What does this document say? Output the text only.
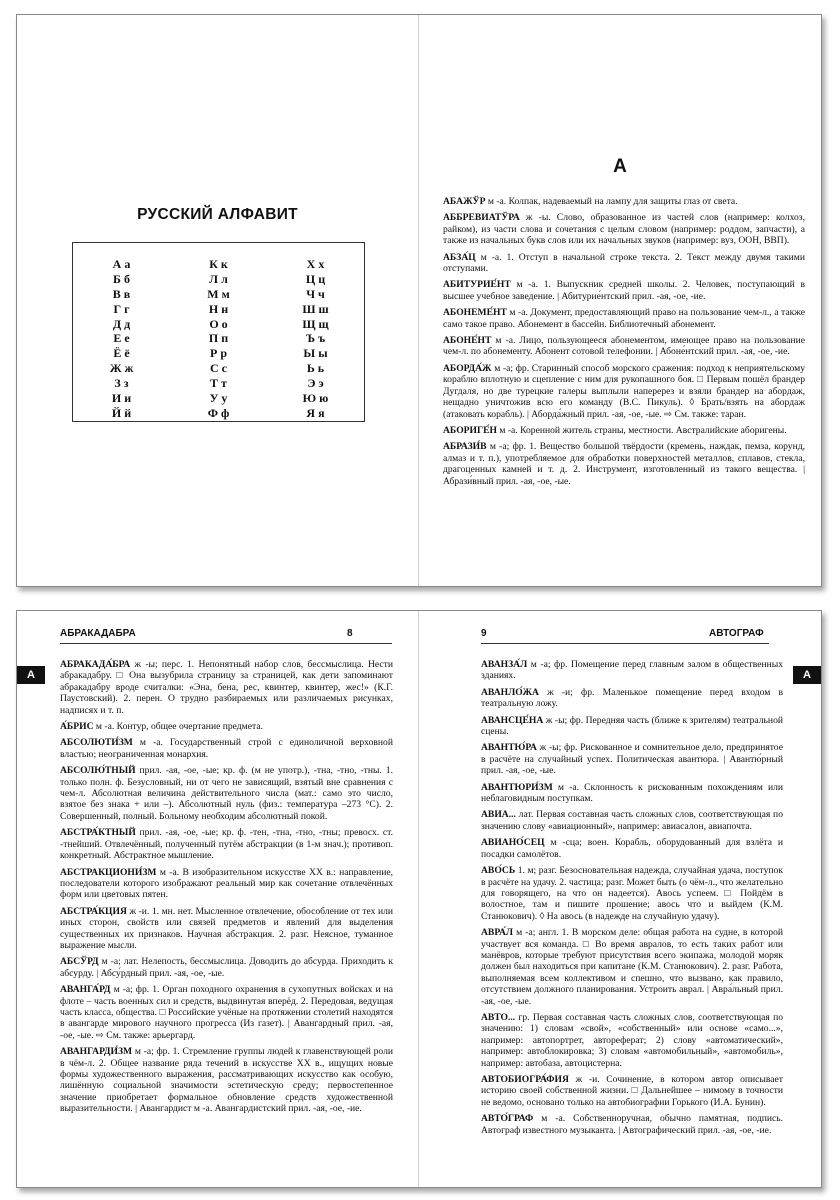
РУССКИЙ АЛФАВИТ
А а	К к	Х х
Б б	Л л	Ц ц
В в	М м	Ч ч
Г г	Н н	Ш ш
Д д	О о	Щ щ
Е е	П п	Ъ ъ
Ё ё	Р р	Ы ы
Ж ж	С с	Ь ь
З з	Т т	Э э
И и	У у	Ю ю
Й й	Ф ф	Я я
А

АБАЖЎР м -а. Колпак, надеваемый на лампу для защиты глаз от света.

АББРЕВИАТЎРА ж -ы. Слово, образованное из частей слов (например: колхоз, райком), из части слова и сочетания с целым словом (например: роддом, запчасти), а также из начальных букв слов или их начальных звуков (например: вуз, ООН, ВВП).

АБЗА́Ц м -а. 1. Отступ в начальной строке текста. 2. Текст между двумя такими отступами.

АБИТУРИЕ́НТ м -а. 1. Выпускник средней школы. 2. Человек, поступающий в высшее учебное заведение. | Абитурие́нтский прил. -ая, -ое, -ие.

АБОНЕМЕ́НТ м -а. Документ, предоставляющий право на пользование чем-л., а также само такое право. Абонемент в бассейн. Библиотечный абонемент.

АБОНЕ́НТ м -а. Лицо, пользующееся абонементом, имеющее право на пользование чем-л. по абонементу. Абонент сотовой телефонии. | Абоне́нтский прил. -ая, -ое, -ие.

АБОРДА́Ж м -а; фр. Старинный способ морского сражения: подход к неприятельскому кораблю вплотную и сцепление с ним для рукопашного боя. □ Первым пошёл брандер Дугдаля, но две турецкие галеры выплыли наперерез и взяли брандер на абордаж, нещадно уничтожив всю его команду (В.С. Пикуль). ◊ Брать/взять на абордаж (атаковать корабль). | Аборда́жный прил. -ая, -ое, -ые. ⇨ См. также: таран.

АБОРИГЕ́Н м -а. Коренной житель страны, местности. Австралийские аборигены.

АБРАЗИ́В м -а; фр. 1. Вещество большой твёрдости (кремень, наждак, пемза, корунд, алмаз и т. п.), употребляемое для обработки поверхностей металлов, сплавов, стекла, драгоценных камней и т. д. 2. Инструмент, изготовленный из такого вещества. | Абрази́вный прил. -ая, -ое, -ые.

АБРАКАДАБРА	8
А

АБРАКАДА́БРА ж -ы; перс. 1. Непонятный набор слов, бессмыслица. Нести абракадабру. □ Она вызубрила страницу за страницей, как дети запоминают абракадабру вроде считалки: «Эна, бена, рес, квинтер, квинтер, жес!» (К.Г. Паустовский). 2. перен. О трудно разбираемых или различаемых рисунках, надписях и т. п.

А́БРИС м -а. Контур, общее очертание предмета.

АБСОЛЮТИ́ЗМ м -а. Государственный строй с единоличной верховной властью; неограниченная монархия.

АБСОЛЮ́ТНЫЙ прил. -ая, -ое, -ые; кр. ф. (м не употр.), -тна, -тно, -тны. 1. только полн. ф. Безусловный, ни от чего не зависящий, взятый вне сравнения с чем-л. Абсолютная величина действительного числа (мат.: само это число, взятое без знака + или –). Абсолютный нуль (физ.: температура –273 °С). 2. Совершенный, полный. Больному необходим абсолютный покой.

АБСТРА́КТНЫЙ прил. -ая, -ое, -ые; кр. ф. -тен, -тна, -тно, -тны; превосх. ст. -тнейший. Отвлечённый, полученный путём абстракции (в 1-м знач.); противоп. конкретный. Абстрактное мышление.

АБСТРАКЦИОНИ́ЗМ м -а. В изобразительном искусстве XX в.: направление, последователи которого изображают реальный мир как сочетание отвлечённых форм или цветовых пятен.

АБСТРА́КЦИЯ ж -и. 1. мн. нет. Мысленное отвлечение, обособление от тех или иных сторон, свойств или связей предметов и явлений для выделения существенных их признаков. Научная абстракция. 2. разг. Неясное, туманное выражение мысли.

АБСЎРД м -а; лат. Нелепость, бессмыслица. Доводить до абсурда. Приходить к абсурду. | Абсу́рдный прил. -ая, -ое, -ые.

АВАНГА́РД м -а; фр. 1. Орган походного охранения в сухопутных войсках и на флоте – часть военных сил и средств, выдвинутая вперёд. 2. Передовая, ведущая часть класса, общества. □ Российские учёные на протяжении столетий находятся в авангарде мирового научного прогресса (Из газет). | Авангардный прил. -ая, -ое, -ые. ⇨ См. также: арьергард.

АВАНГАРДИ́ЗМ м -а; фр. 1. Стремление группы людей к главенствующей роли в чём-л. 2. Общее название ряда течений в искусстве XX в., ищущих новые формы художественного выражения, рассматривающих искусство как особую, лишённую социальной значимости эстетическую среду; первостепенное значение приобретает формальное обновление средств художественной выразительности. | Авангардист м -а. Авангардистский прил. -ая, -ое, -ие.

9	АВТОГРАФ
А

АВАНЗА́Л м -а; фр. Помещение перед главным залом в общественных зданиях.

АВАНЛО́ЖА ж -и; фр. Маленькое помещение перед входом в театральную ложу.

АВАНСЦЕ́НА ж -ы; фр. Передняя часть (ближе к зрителям) театральной сцены.

АВАНТЮ́РА ж -ы; фр. Рискованное и сомнительное дело, предпринятое в расчёте на случайный успех. Политическая авантюра. | Авантю́рный прил. -ая, -ое, -ые.

АВАНТЮРИ́ЗМ м -а. Склонность к рискованным похождениям или неблаговидным поступкам.

АВИА... лат. Первая составная часть сложных слов, соответствующая по значению слову «авиационный», например: авиасалон, авиапочта.

АВИАНО́СЕЦ м -сца; воен. Корабль, оборудованный для взлёта и посадки самолётов.

АВО́СЬ 1. м; разг. Безосновательная надежда, случайная удача, поступок в расчёте на удачу. 2. частица; разг. Может быть (о чём-л., что желательно для говорящего, на что он надеется). Авось успеем. □ Пойдём в волостное, там и пишите прошение; авось что и выйдем (К.М. Станюкович). ◊ На авось (в надежде на случайную удачу).

АВРА́Л м -а; англ. 1. В морском деле: общая работа на судне, в которой участвует вся команда. □ Во время авралов, то есть таких работ или манёвров, которые требуют присутствия всего экипажа, молодой моряк должен был находиться при капитане (К.М. Станюкович). 2. разг. Работа, выполняемая всем коллективом и спешно, что вызвано, как правило, отсутствием должного планирования. Устроить аврал. | Авра́льный прил. -ая, -ое, -ые.

АВТО... гр. Первая составная часть сложных слов, соответствующая по значению: 1) словам «свой», «собственный» или основе «само...», например: автопортрет, автореферат; 2) слову «автоматический», например: автоблокировка; 3) словам «автомобильный», «автомобиль», например: автобаза, автоцистерна.

АВТОБИОГРА́ФИЯ ж -и. Сочинение, в котором автор описывает историю своей собственной жизни. □ Дальнейшее – нимому в точности не ведомо, основано только на автобиографии Горького (И.А. Бунин).

АВТО́ГРАФ м -а. Собственноручная, обычно памятная, подпись. Автограф известного музыканта. | Автографический прил. -ая, -ое, -ие.
